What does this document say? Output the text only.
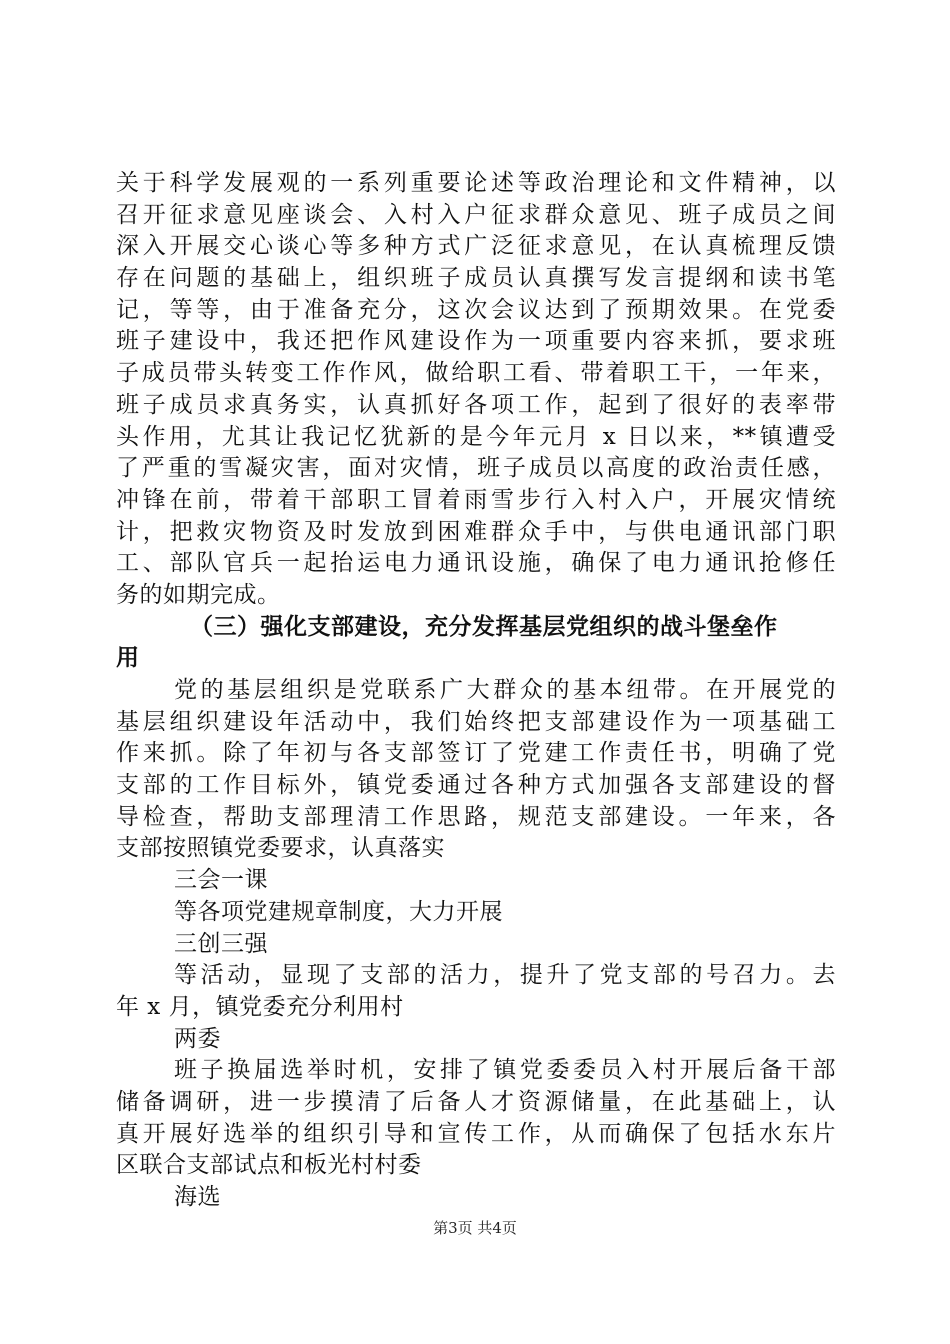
关于科学发展观的一系列重要论述等政治理论和文件精神，以
召开征求意见座谈会、入村入户征求群众意见、班子成员之间
深入开展交心谈心等多种方式广泛征求意见，在认真梳理反馈
存在问题的基础上，组织班子成员认真撰写发言提纲和读书笔
记，等等，由于准备充分，这次会议达到了预期效果。在党委
班子建设中，我还把作风建设作为一项重要内容来抓，要求班
子成员带头转变工作作风，做给职工看、带着职工干，一年来，
班子成员求真务实，认真抓好各项工作，起到了很好的表率带
头作用，尤其让我记忆犹新的是今年元月 x 日以来，**镇遭受
了严重的雪凝灾害，面对灾情，班子成员以高度的政治责任感，
冲锋在前，带着干部职工冒着雨雪步行入村入户，开展灾情统
计，把救灾物资及时发放到困难群众手中，与供电通讯部门职
工、部队官兵一起抬运电力通讯设施，确保了电力通讯抢修任
务的如期完成。
（三）强化支部建设，充分发挥基层党组织的战斗堡垒作
用
党的基层组织是党联系广大群众的基本纽带。在开展党的
基层组织建设年活动中，我们始终把支部建设作为一项基础工
作来抓。除了年初与各支部签订了党建工作责任书，明确了党
支部的工作目标外，镇党委通过各种方式加强各支部建设的督
导检查，帮助支部理清工作思路，规范支部建设。一年来，各
支部按照镇党委要求，认真落实
三会一课
等各项党建规章制度，大力开展
三创三强
等活动，显现了支部的活力，提升了党支部的号召力。去
年 x 月，镇党委充分利用村
两委
班子换届选举时机，安排了镇党委委员入村开展后备干部
储备调研，进一步摸清了后备人才资源储量，在此基础上，认
真开展好选举的组织引导和宣传工作，从而确保了包括水东片
区联合支部试点和板光村村委
海选
第3页 共4页
